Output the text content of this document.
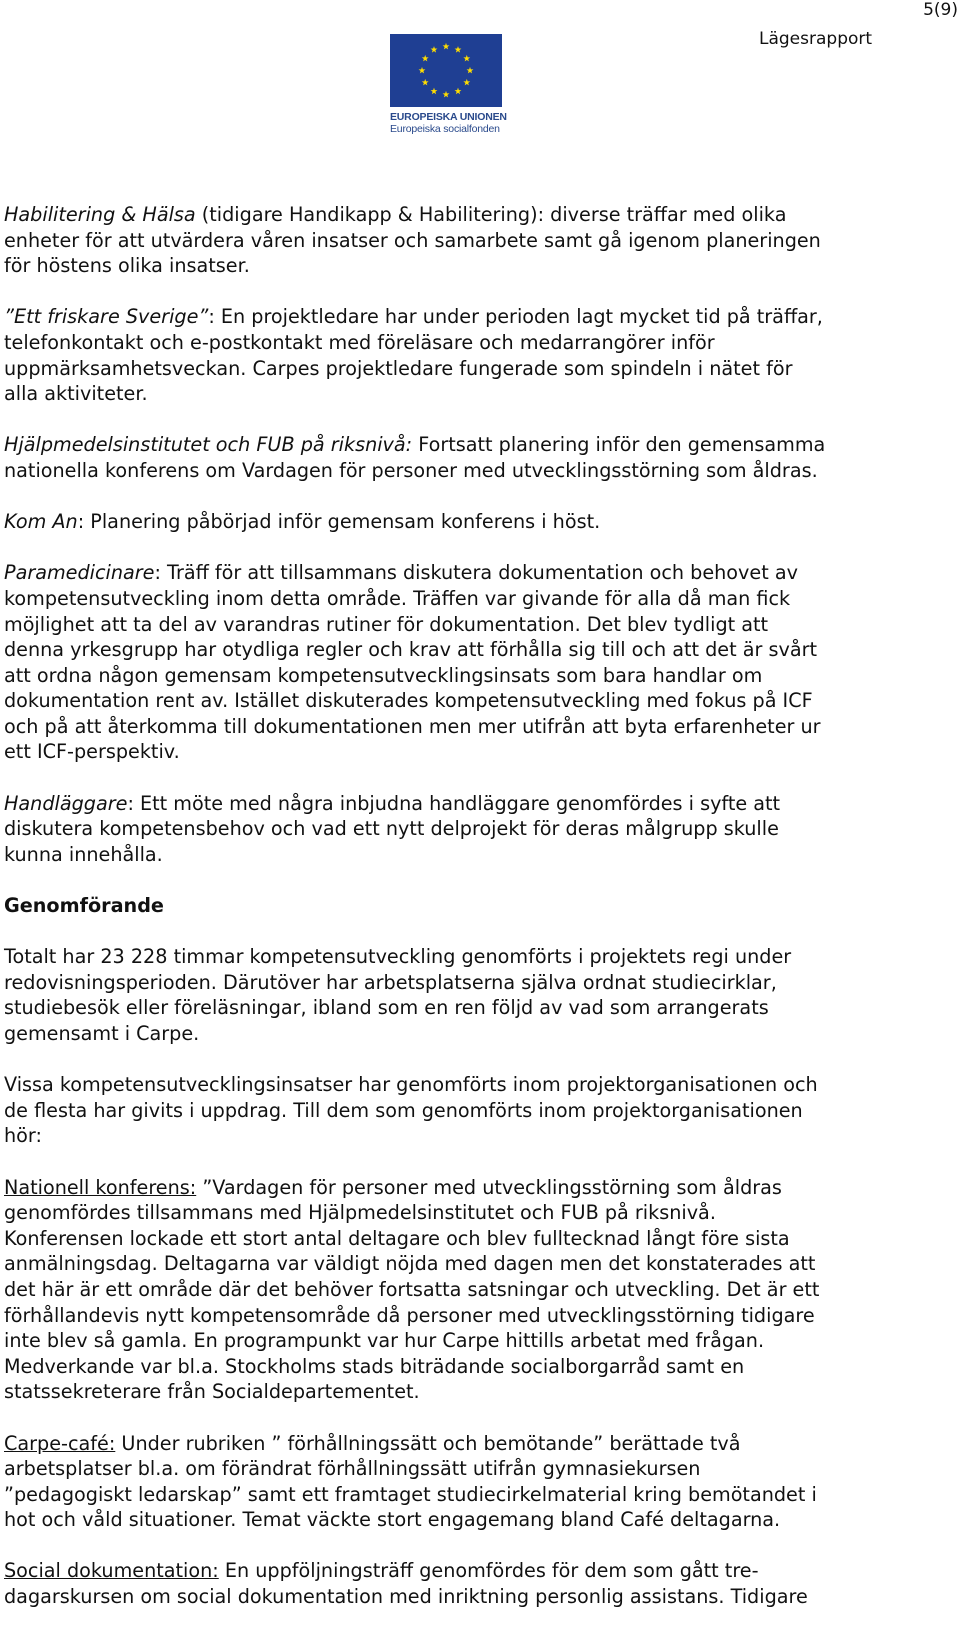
5(9)
Lägesrapport
EUROPEISKA UNIONEN
Europeiska socialfonden

Habilitering & Hälsa (tidigare Handikapp & Habilitering): diverse träffar med olika
enheter för att utvärdera våren insatser och samarbete samt gå igenom planeringen
för höstens olika insatser.

”Ett friskare Sverige”: En projektledare har under perioden lagt mycket tid på träffar,
telefonkontakt och e-postkontakt med föreläsare och medarrangörer inför
uppmärksamhetsveckan. Carpes projektledare fungerade som spindeln i nätet för
alla aktiviteter.

Hjälpmedelsinstitutet och FUB på riksnivå: Fortsatt planering inför den gemensamma
nationella konferens om Vardagen för personer med utvecklingsstörning som åldras.

Kom An: Planering påbörjad inför gemensam konferens i höst.

Paramedicinare: Träff för att tillsammans diskutera dokumentation och behovet av
kompetensutveckling inom detta område. Träffen var givande för alla då man fick
möjlighet att ta del av varandras rutiner för dokumentation. Det blev tydligt att
denna yrkesgrupp har otydliga regler och krav att förhålla sig till och att det är svårt
att ordna någon gemensam kompetensutvecklingsinsats som bara handlar om
dokumentation rent av. Istället diskuterades kompetensutveckling med fokus på ICF
och på att återkomma till dokumentationen men mer utifrån att byta erfarenheter ur
ett ICF-perspektiv.

Handläggare: Ett möte med några inbjudna handläggare genomfördes i syfte att
diskutera kompetensbehov och vad ett nytt delprojekt för deras målgrupp skulle
kunna innehålla.

Genomförande

Totalt har 23 228 timmar kompetensutveckling genomförts i projektets regi under
redovisningsperioden. Därutöver har arbetsplatserna själva ordnat studiecirklar,
studiebesök eller föreläsningar, ibland som en ren följd av vad som arrangerats
gemensamt i Carpe.

Vissa kompetensutvecklingsinsatser har genomförts inom projektorganisationen och
de flesta har givits i uppdrag. Till dem som genomförts inom projektorganisationen
hör:

Nationell konferens: ”Vardagen för personer med utvecklingsstörning som åldras
genomfördes tillsammans med Hjälpmedelsinstitutet och FUB på riksnivå.
Konferensen lockade ett stort antal deltagare och blev fulltecknad långt före sista
anmälningsdag. Deltagarna var väldigt nöjda med dagen men det konstaterades att
det här är ett område där det behöver fortsatta satsningar och utveckling. Det är ett
förhållandevis nytt kompetensområde då personer med utvecklingsstörning tidigare
inte blev så gamla. En programpunkt var hur Carpe hittills arbetat med frågan.
Medverkande var bl.a. Stockholms stads biträdande socialborgarråd samt en
statssekreterare från Socialdepartementet.

Carpe-café: Under rubriken ” förhållningssätt och bemötande” berättade två
arbetsplatser bl.a. om förändrat förhållningssätt utifrån gymnasiekursen
”pedagogiskt ledarskap” samt ett framtaget studiecirkelmaterial kring bemötandet i
hot och våld situationer. Temat väckte stort engagemang bland Café deltagarna.

Social dokumentation: En uppföljningsträff genomfördes för dem som gått tre-
dagarskursen om social dokumentation med inriktning personlig assistans. Tidigare
